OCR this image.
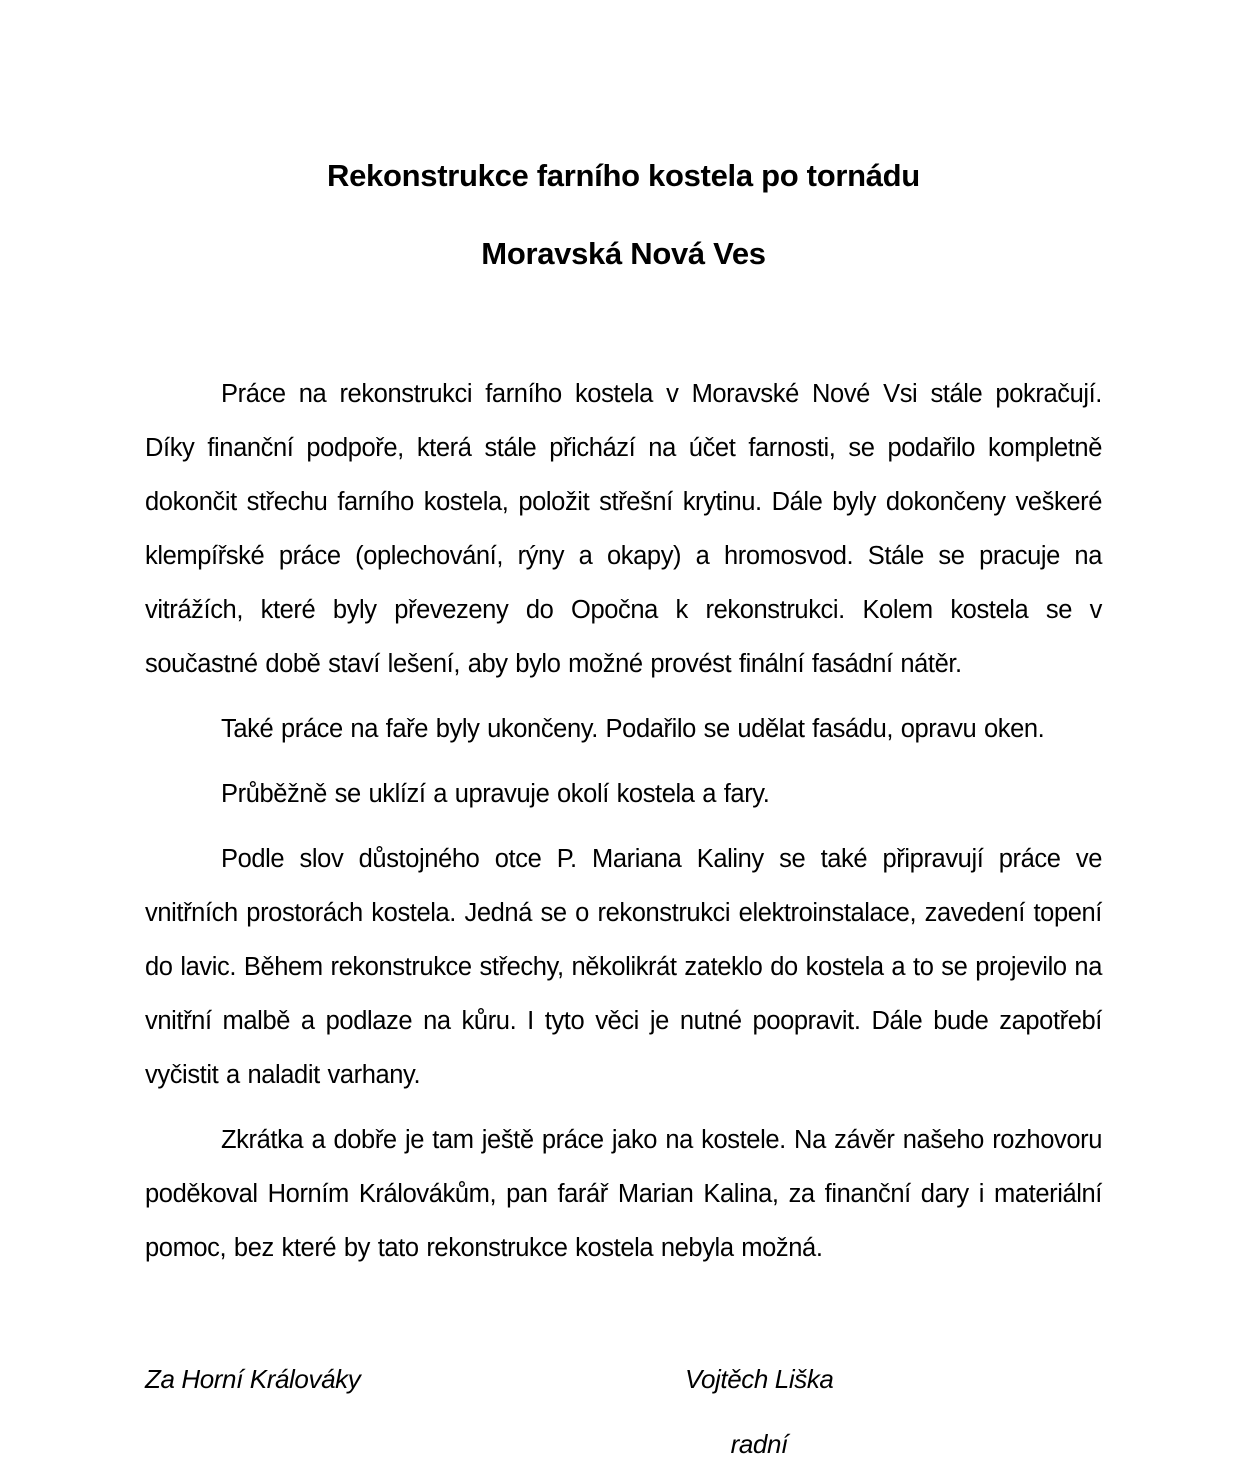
Rekonstrukce farního kostela po tornádu
Moravská Nová Ves

Práce na rekonstrukci farního kostela v Moravské Nové Vsi stále pokračují. Díky finanční podpoře, která stále přichází na účet farnosti, se podařilo kompletně dokončit střechu farního kostela, položit střešní krytinu. Dále byly dokončeny veškeré klempířské práce (oplechování, rýny a okapy) a hromosvod. Stále se pracuje na vitrážích, které byly převezeny do Opočna k rekonstrukci. Kolem kostela se v součastné době staví lešení, aby bylo možné provést finální fasádní nátěr.

Také práce na faře byly ukončeny. Podařilo se udělat fasádu, opravu oken.

Průběžně se uklízí a upravuje okolí kostela a fary.

Podle slov důstojného otce P. Mariana Kaliny se také připravují práce ve vnitřních prostorách kostela. Jedná se o rekonstrukci elektroinstalace, zavedení topení do lavic. Během rekonstrukce střechy, několikrát zateklo do kostela a to se projevilo na vnitřní malbě a podlaze na kůru. I tyto věci je nutné poopravit. Dále bude zapotřebí vyčistit a naladit varhany.

Zkrátka a dobře je tam ještě práce jako na kostele. Na závěr našeho rozhovoru poděkoval Horním Královákům, pan farář Marian Kalina, za finanční dary i materiální pomoc, bez které by tato rekonstrukce kostela nebyla možná.

Za Horní Králováky	Vojtěch Liška
radní
